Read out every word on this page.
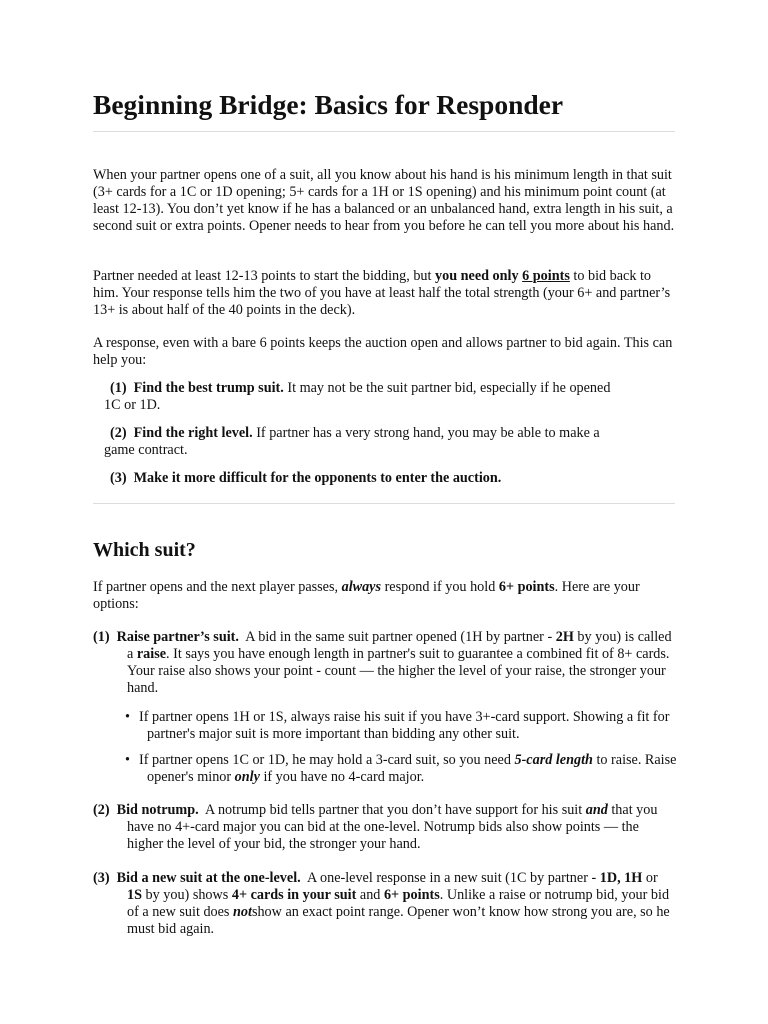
Beginning Bridge: Basics for Responder

When your partner opens one of a suit, all you know about his hand is his minimum length in that suit (3+ cards for a 1C or 1D opening; 5+ cards for a 1H or 1S opening) and his minimum point count (at least 12-13). You don’t yet know if he has a balanced or an unbalanced hand, extra length in his suit, a second suit or extra points. Opener needs to hear from you before he can tell you more about his hand.

Partner needed at least 12-13 points to start the bidding, but you need only 6 points to bid back to him. Your response tells him the two of you have at least half the total strength (your 6+ and partner’s 13+ is about half of the 40 points in the deck).

A response, even with a bare 6 points keeps the auction open and allows partner to bid again. This can help you:

(1) Find the best trump suit. It may not be the suit partner bid, especially if he opened
1C or 1D.

(2) Find the right level. If partner has a very strong hand, you may be able to make a
game contract.

(3) Make it more difficult for the opponents to enter the auction.

Which suit?

If partner opens and the next player passes, always respond if you hold 6+ points. Here are your options:

(1) Raise partner’s suit.  A bid in the same suit partner opened (1H by partner - 2H by you) is called a raise. It says you have enough length in partner's suit to guarantee a combined fit of 8+ cards. Your raise also shows your point - count — the higher the level of your raise, the stronger your hand.

• If partner opens 1H or 1S, always raise his suit if you have 3+-card support. Showing a fit for partner's major suit is more important than bidding any other suit.
• If partner opens 1C or 1D, he may hold a 3-card suit, so you need 5-card length to raise. Raise opener's minor only if you have no 4-card major.

(2) Bid notrump.  A notrump bid tells partner that you don’t have support for his suit and that you have no 4+-card major you can bid at the one-level. Notrump bids also show points — the higher the level of your bid, the stronger your hand.

(3) Bid a new suit at the one-level.  A one-level response in a new suit (1C by partner - 1D, 1H or 1S by you) shows 4+ cards in your suit and 6+ points. Unlike a raise or notrump bid, your bid of a new suit does notshow an exact point range. Opener won’t know how strong you are, so he must bid again.
